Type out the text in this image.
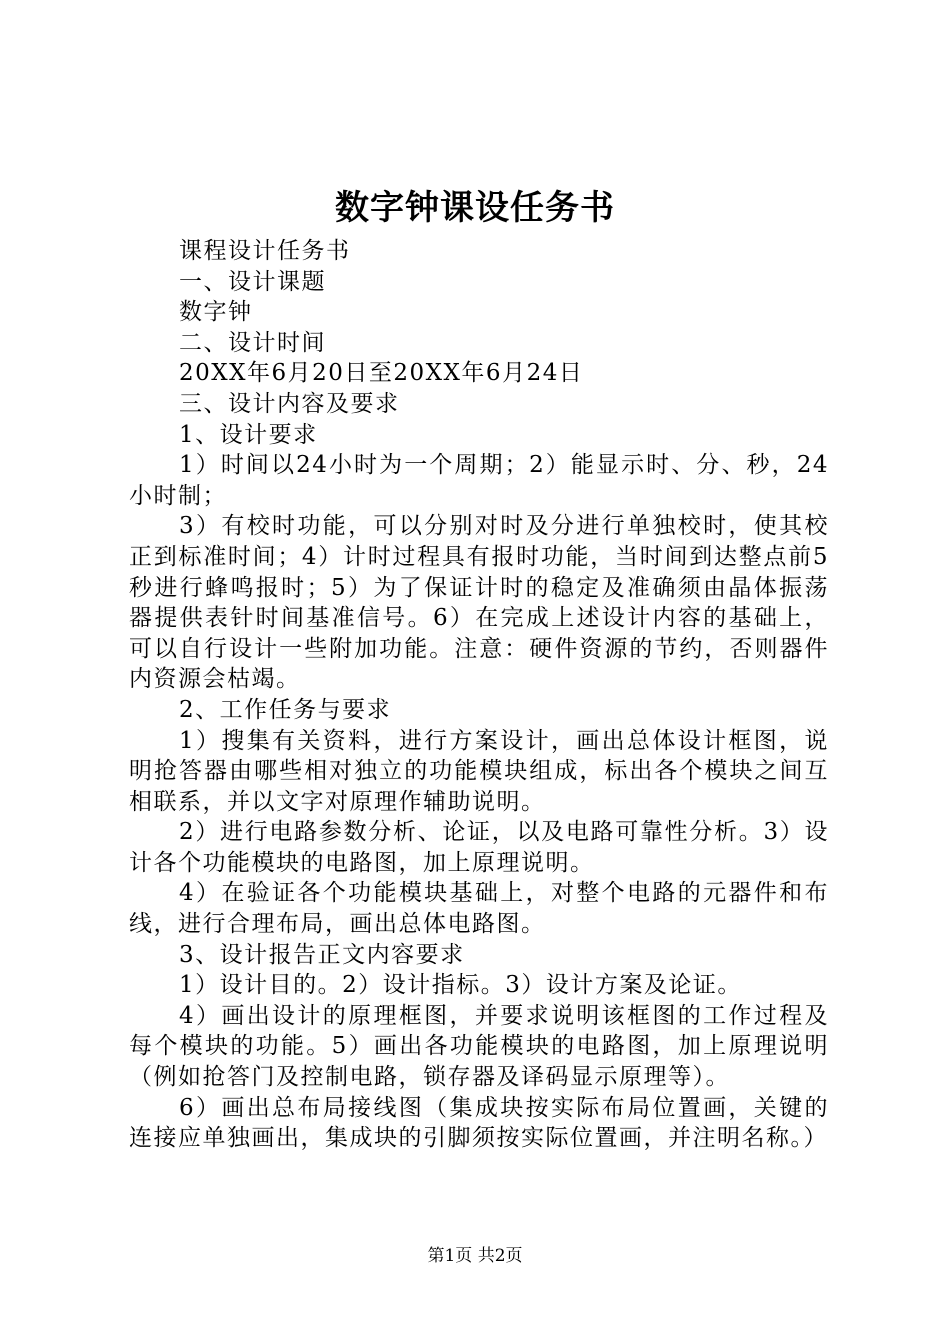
数字钟课设任务书

课程设计任务书

一、设计课题

数字钟

二、设计时间

20XX年6月20日至20XX年6月24日

三、设计内容及要求

1、设计要求

1）时间以24小时为一个周期；2）能显示时、分、秒，24小时制；

3）有校时功能，可以分别对时及分进行单独校时，使其校正到标准时间；4）计时过程具有报时功能，当时间到达整点前5秒进行蜂鸣报时；5）为了保证计时的稳定及准确须由晶体振荡器提供表针时间基准信号。6）在完成上述设计内容的基础上，可以自行设计一些附加功能。注意：硬件资源的节约，否则器件内资源会枯竭。

2、工作任务与要求

1）搜集有关资料，进行方案设计，画出总体设计框图，说明抢答器由哪些相对独立的功能模块组成，标出各个模块之间互相联系，并以文字对原理作辅助说明。

2）进行电路参数分析、论证，以及电路可靠性分析。3）设计各个功能模块的电路图，加上原理说明。

4）在验证各个功能模块基础上，对整个电路的元器件和布线，进行合理布局，画出总体电路图。

3、设计报告正文内容要求

1）设计目的。2）设计指标。3）设计方案及论证。

4）画出设计的原理框图，并要求说明该框图的工作过程及每个模块的功能。5）画出各功能模块的电路图，加上原理说明（例如抢答门及控制电路，锁存器及译码显示原理等）。

6）画出总布局接线图（集成块按实际布局位置画，关键的连接应单独画出，集成块的引脚须按实际位置画，并注明名称。）

第1页 共2页
